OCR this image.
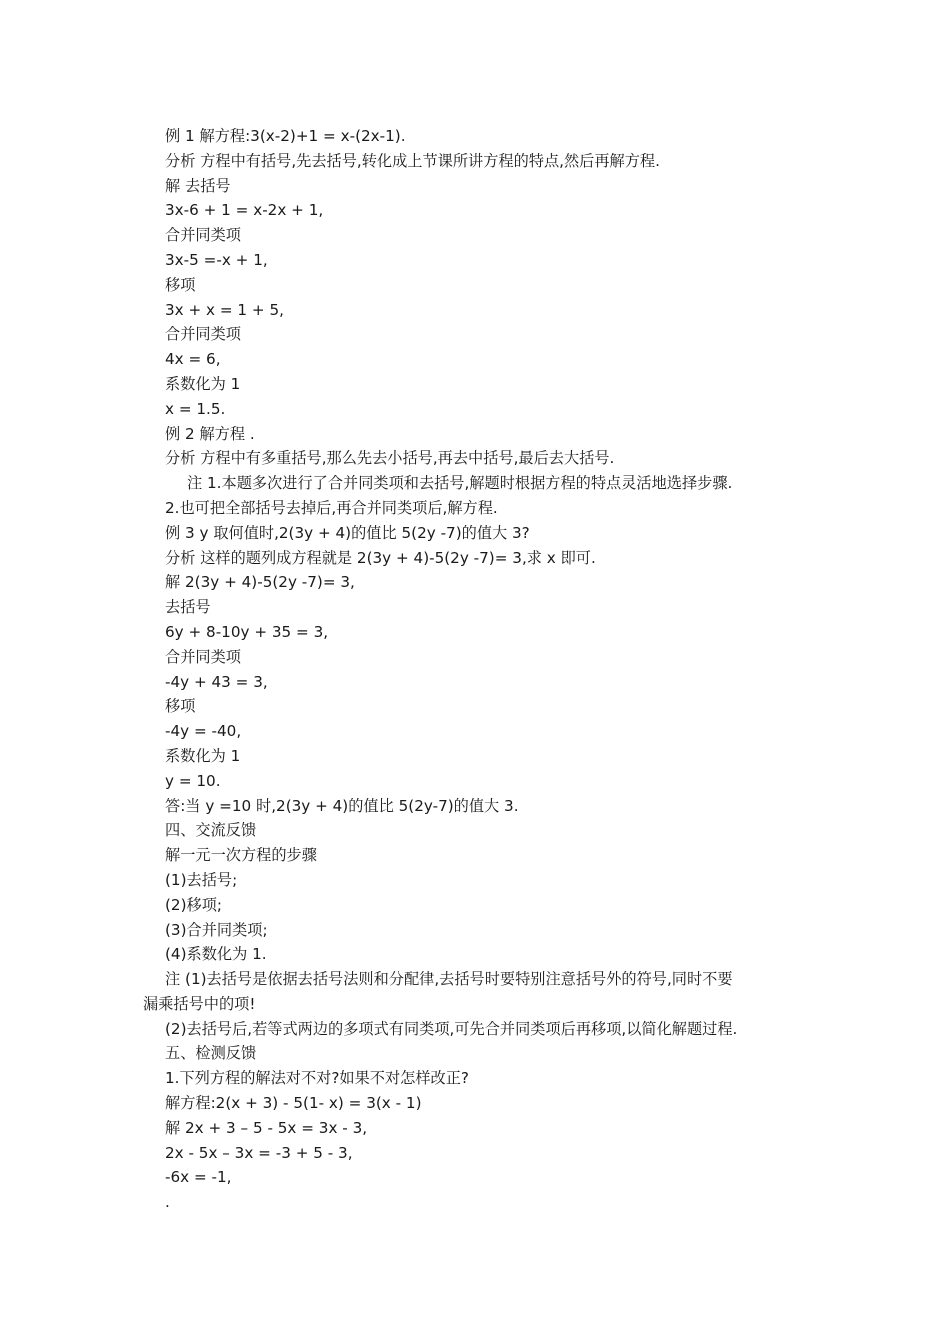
例 1 解方程:3(x-2)+1 = x-(2x-1).

分析 方程中有括号,先去括号,转化成上节课所讲方程的特点,然后再解方程.

解 去括号

3x-6 + 1 = x-2x + 1,

合并同类项

3x-5 =-x + 1,

移项

3x + x = 1 + 5,

合并同类项

4x = 6,

系数化为 1

x = 1.5.

例 2 解方程 .

分析 方程中有多重括号,那么先去小括号,再去中括号,最后去大括号.

注 1.本题多次进行了合并同类项和去括号,解题时根据方程的特点灵活地选择步骤.

2.也可把全部括号去掉后,再合并同类项后,解方程.

例 3 y 取何值时,2(3y + 4)的值比 5(2y -7)的值大 3?

分析 这样的题列成方程就是 2(3y + 4)-5(2y -7)= 3,求 x 即可.

解 2(3y + 4)-5(2y -7)= 3,

去括号

6y + 8-10y + 35 = 3,

合并同类项

-4y + 43 = 3,

移项

-4y = -40,

系数化为 1

y = 10.

答:当 y =10 时,2(3y + 4)的值比 5(2y-7)的值大 3.

四、交流反馈

解一元一次方程的步骤

(1)去括号;

(2)移项;

(3)合并同类项;

(4)系数化为 1.

注 (1)去括号是依据去括号法则和分配律,去括号时要特别注意括号外的符号,同时不要

漏乘括号中的项!

(2)去括号后,若等式两边的多项式有同类项,可先合并同类项后再移项,以简化解题过程.

五、检测反馈

1.下列方程的解法对不对?如果不对怎样改正?

解方程:2(x + 3) - 5(1- x) = 3(x - 1)

解 2x + 3 – 5 - 5x = 3x - 3,

2x - 5x – 3x = -3 + 5 - 3,

-6x = -1,

.
